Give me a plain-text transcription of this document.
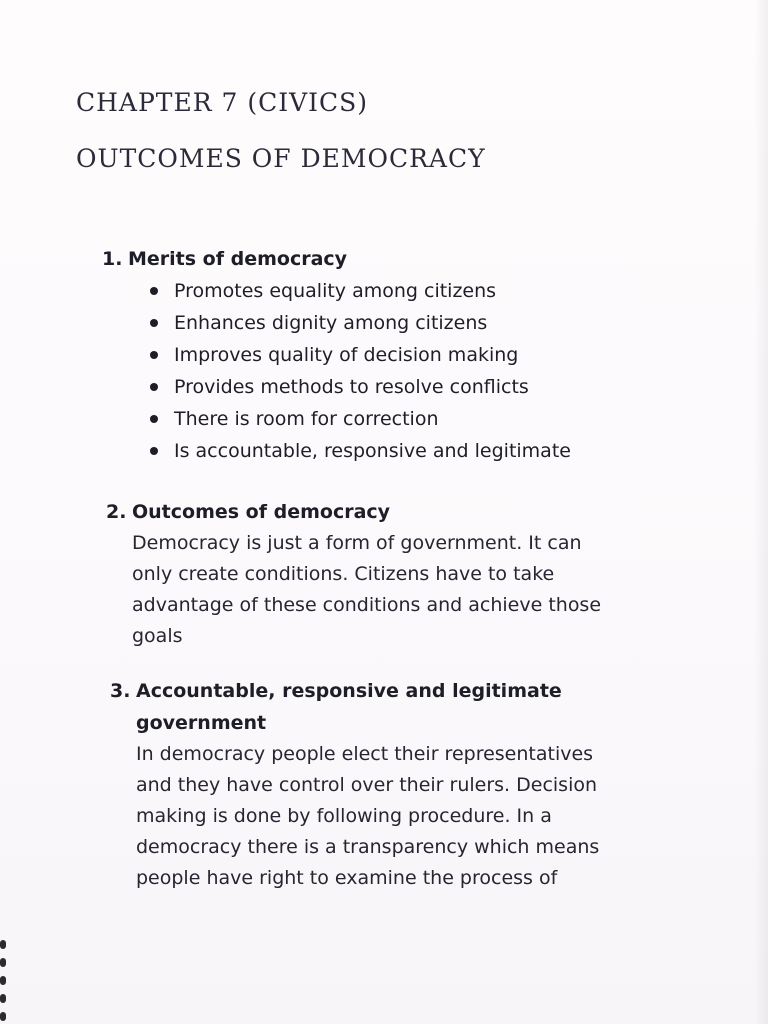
CHAPTER 7 (CIVICS)
OUTCOMES OF DEMOCRACY
1. Merits of democracy
Promotes equality among citizens
Enhances dignity among citizens
Improves quality of decision making
Provides methods to resolve conflicts
There is room for correction
Is accountable, responsive and legitimate
2. Outcomes of democracy

Democracy is just a form of government. It can

only create conditions. Citizens have to take

advantage of these conditions and achieve those

goals

3. Accountable, responsive and legitimate
government

In democracy people elect their representatives

and they have control over their rulers. Decision

making is done by following procedure. In a

democracy there is a transparency which means

people have right to examine the process of
